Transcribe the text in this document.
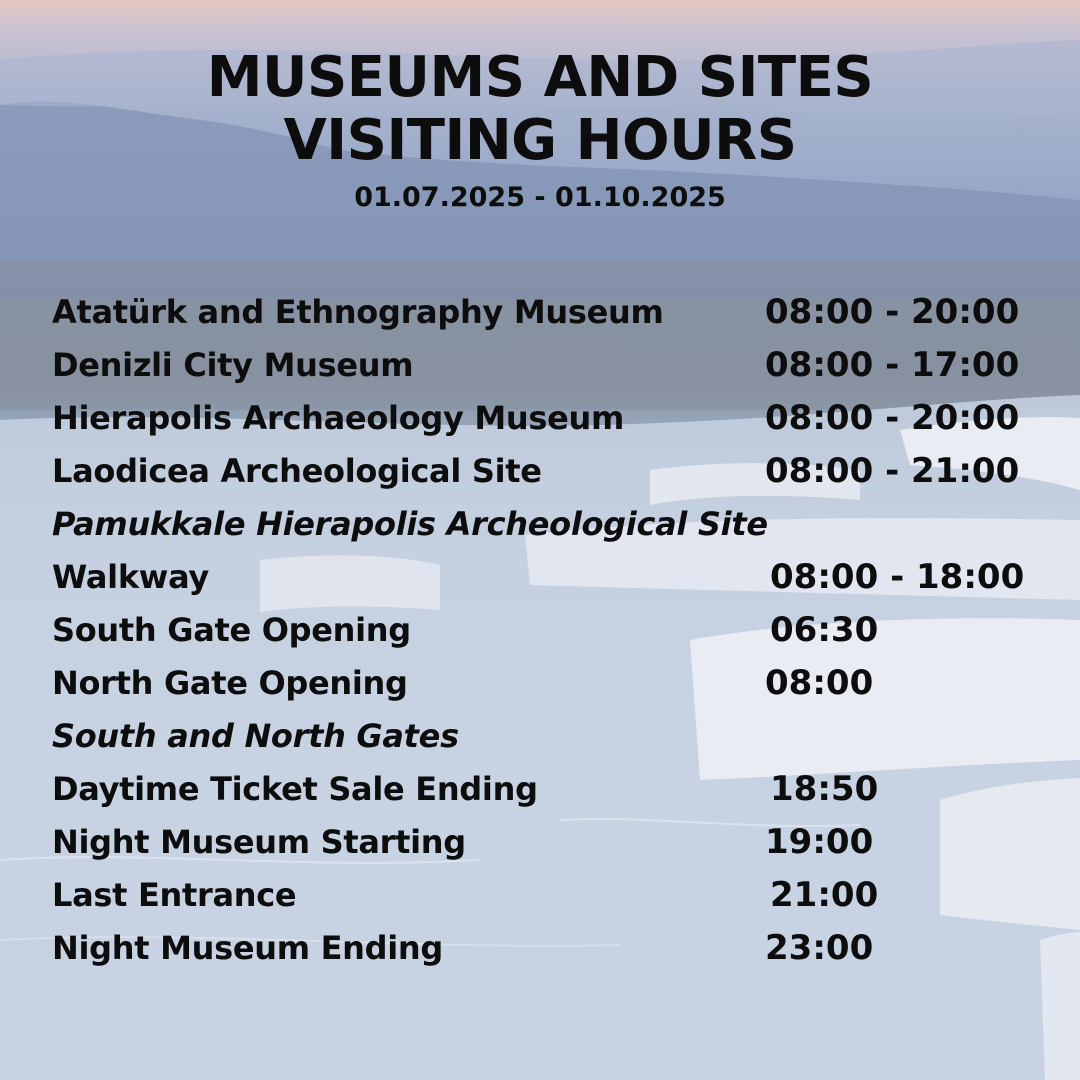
MUSEUMS AND SITES
VISITING HOURS
01.07.2025 - 01.10.2025
Atatürk and Ethnography Museum	08:00 - 20:00
Denizli City Museum	08:00 - 17:00
Hierapolis Archaeology Museum	08:00 - 20:00
Laodicea Archeological Site	08:00 - 21:00
Pamukkale Hierapolis Archeological Site
Walkway	08:00 - 18:00
South Gate Opening	06:30
North Gate Opening	08:00
South and North Gates
Daytime Ticket Sale Ending	18:50
Night Museum Starting	19:00
Last Entrance	21:00
Night Museum Ending	23:00
